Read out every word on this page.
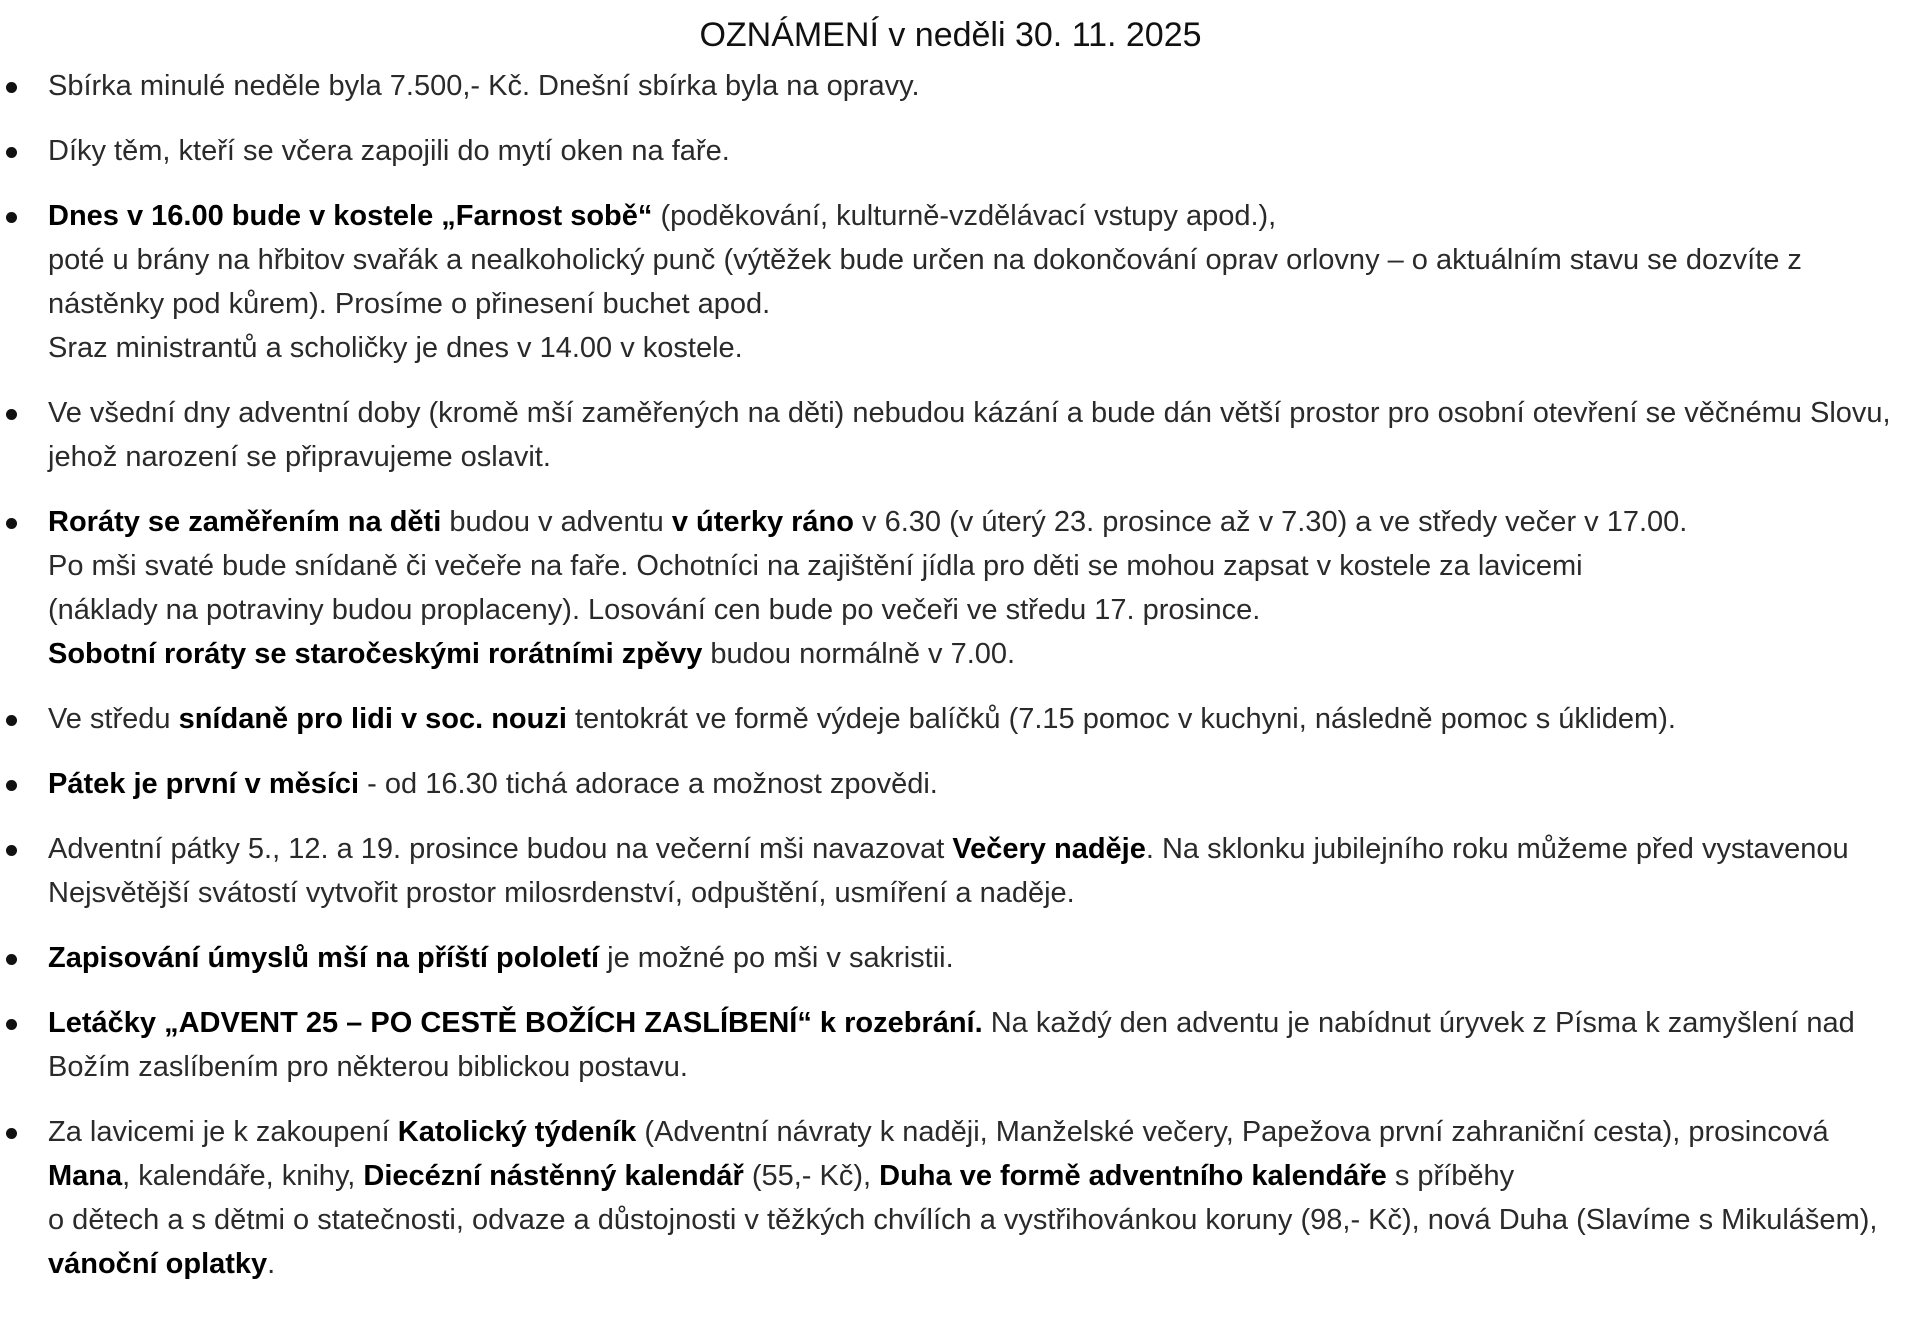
OZNÁMENÍ v neděli 30. 11. 2025
Sbírka minulé neděle byla 7.500,- Kč. Dnešní sbírka byla na opravy.
Díky těm, kteří se včera zapojili do mytí oken na faře.
Dnes v 16.00 bude v kostele „Farnost sobě“ (poděkování, kulturně-vzdělávací vstupy apod.),
poté u brány na hřbitov svařák a nealkoholický punč (výtěžek bude určen na dokončování oprav orlovny – o aktuálním stavu se dozvíte z nástěnky pod kůrem). Prosíme o přinesení buchet apod.
Sraz ministrantů a scholičky je dnes v 14.00 v kostele.
Ve všední dny adventní doby (kromě mší zaměřených na děti) nebudou kázání a bude dán větší prostor pro osobní otevření se věčnému Slovu, jehož narození se připravujeme oslavit.
Roráty se zaměřením na děti budou v adventu v úterky ráno v 6.30 (v úterý 23. prosince až v 7.30) a ve středy večer v 17.00.
Po mši svaté bude snídaně či večeře na faře. Ochotníci na zajištění jídla pro děti se mohou zapsat v kostele za lavicemi
(náklady na potraviny budou proplaceny). Losování cen bude po večeři ve středu 17. prosince.
Sobotní roráty se staročeskými rorátními zpěvy budou normálně v 7.00.
Ve středu snídaně pro lidi v soc. nouzi tentokrát ve formě výdeje balíčků (7.15 pomoc v kuchyni, následně pomoc s úklidem).
Pátek je první v měsíci - od 16.30 tichá adorace a možnost zpovědi.
Adventní pátky 5., 12. a 19. prosince budou na večerní mši navazovat Večery naděje. Na sklonku jubilejního roku můžeme před vystavenou Nejsvětější svátostí vytvořit prostor milosrdenství, odpuštění, usmíření a naděje.
Zapisování úmyslů mší na příští pololetí je možné po mši v sakristii.
Letáčky „ADVENT 25 – PO CESTĚ BOŽÍCH ZASLÍBENÍ“ k rozebrání. Na každý den adventu je nabídnut úryvek z Písma k zamyšlení nad Božím zaslíbením pro některou biblickou postavu.
Za lavicemi je k zakoupení Katolický týdeník (Adventní návraty k naději, Manželské večery, Papežova první zahraniční cesta), prosincová Mana, kalendáře, knihy, Diecézní nástěnný kalendář (55,- Kč), Duha ve formě adventního kalendáře s příběhy
o dětech a s dětmi o statečnosti, odvaze a důstojnosti v těžkých chvílích a vystřihovánkou koruny (98,- Kč), nová Duha (Slavíme s Mikulášem), vánoční oplatky.
